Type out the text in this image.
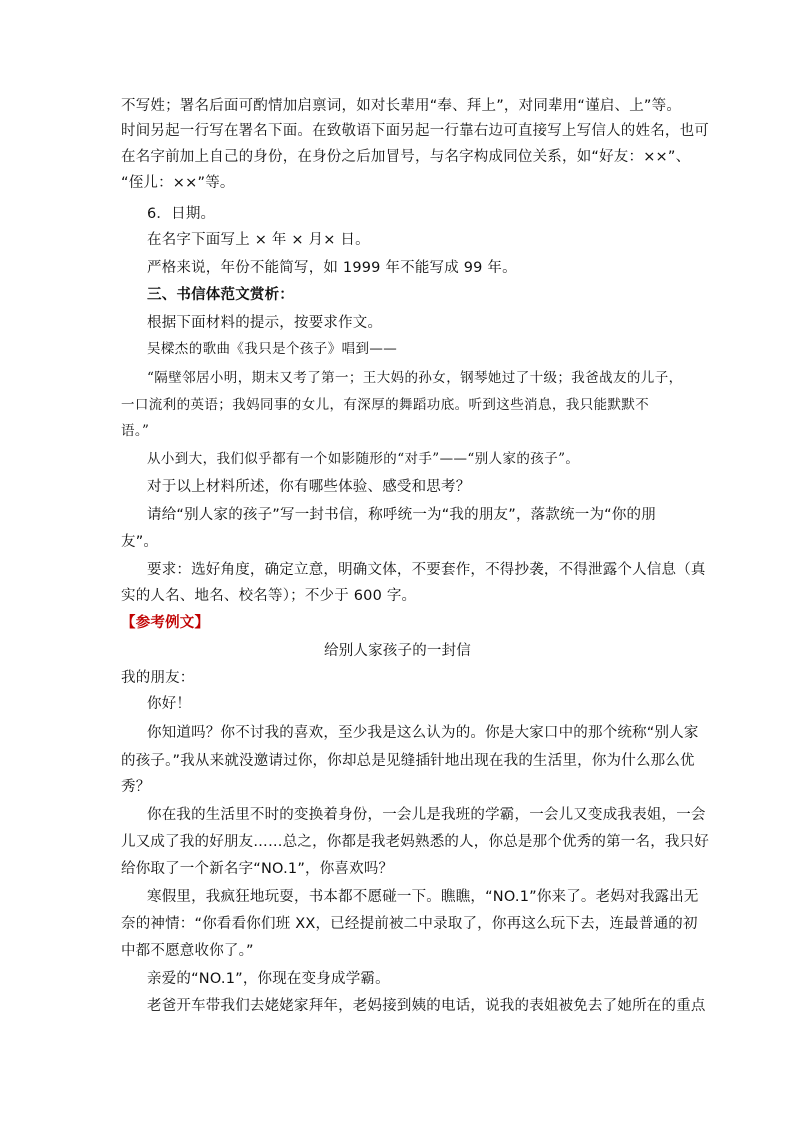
不写姓；署名后面可酌情加启禀词，如对长辈用“奉、拜上”，对同辈用“谨启、上”等。
时间另起一行写在署名下面。在致敬语下面另起一行靠右边可直接写上写信人的姓名，也可
在名字前加上自己的身份，在身份之后加冒号，与名字构成同位关系，如“好友：××”、
“侄儿：××”等。
6．日期。
在名字下面写上 × 年 × 月× 日。
严格来说，年份不能简写，如 1999 年不能写成 99 年。
三、书信体范文赏析：
根据下面材料的提示，按要求作文。
吴樑杰的歌曲《我只是个孩子》唱到——
“隔壁邻居小明，期末又考了第一；王大妈的孙女，钢琴她过了十级；我爸战友的儿子，
一口流利的英语；我妈同事的女儿，有深厚的舞蹈功底。听到这些消息，我只能默默不
语。”
从小到大，我们似乎都有一个如影随形的“对手”——“别人家的孩子”。
对于以上材料所述，你有哪些体验、感受和思考？
请给“别人家的孩子”写一封书信，称呼统一为“我的朋友”，落款统一为“你的朋
友”。
要求：选好角度，确定立意，明确文体，不要套作，不得抄袭，不得泄露个人信息（真
实的人名、地名、校名等）；不少于 600 字。
【参考例文】
给别人家孩子的一封信
我的朋友：
你好！
你知道吗？你不讨我的喜欢，至少我是这么认为的。你是大家口中的那个统称“别人家
的孩子。”我从来就没邀请过你，你却总是见缝插针地出现在我的生活里，你为什么那么优
秀？
你在我的生活里不时的变换着身份，一会儿是我班的学霸，一会儿又变成我表姐，一会
儿又成了我的好朋友……总之，你都是我老妈熟悉的人，你总是那个优秀的第一名，我只好
给你取了一个新名字“NO.1”，你喜欢吗？
寒假里，我疯狂地玩耍，书本都不愿碰一下。瞧瞧，“NO.1”你来了。老妈对我露出无
奈的神情：“你看看你们班 XX，已经提前被二中录取了，你再这么玩下去，连最普通的初
中都不愿意收你了。”
亲爱的“NO.1”，你现在变身成学霸。
老爸开车带我们去姥姥家拜年，老妈接到姨的电话，说我的表姐被免去了她所在的重点
